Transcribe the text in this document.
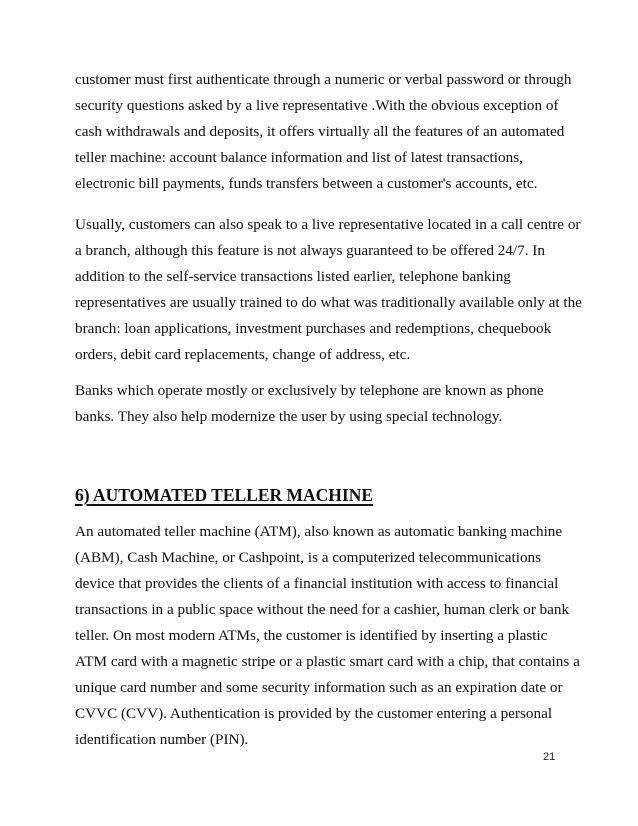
customer must first authenticate through a numeric or verbal password or through
security questions asked by a live representative .With the obvious exception of
cash withdrawals and deposits, it offers virtually all the features of an automated
teller machine: account balance information and list of latest transactions,
electronic bill payments, funds transfers between a customer's accounts, etc.
Usually, customers can also speak to a live representative located in a call centre or
a branch, although this feature is not always guaranteed to be offered 24/7. In
addition to the self-service transactions listed earlier, telephone banking
representatives are usually trained to do what was traditionally available only at the
branch: loan applications, investment purchases and redemptions, chequebook
orders, debit card replacements, change of address, etc.
Banks which operate mostly or exclusively by telephone are known as phone
banks. They also help modernize the user by using special technology.
6) AUTOMATED TELLER MACHINE
An automated teller machine (ATM), also known as automatic banking machine
(ABM), Cash Machine, or Cashpoint, is a computerized telecommunications
device that provides the clients of a financial institution with access to financial
transactions in a public space without the need for a cashier, human clerk or bank
teller. On most modern ATMs, the customer is identified by inserting a plastic
ATM card with a magnetic stripe or a plastic smart card with a chip, that contains a
unique card number and some security information such as an expiration date or
CVVC (CVV). Authentication is provided by the customer entering a personal
identification number (PIN).
21
